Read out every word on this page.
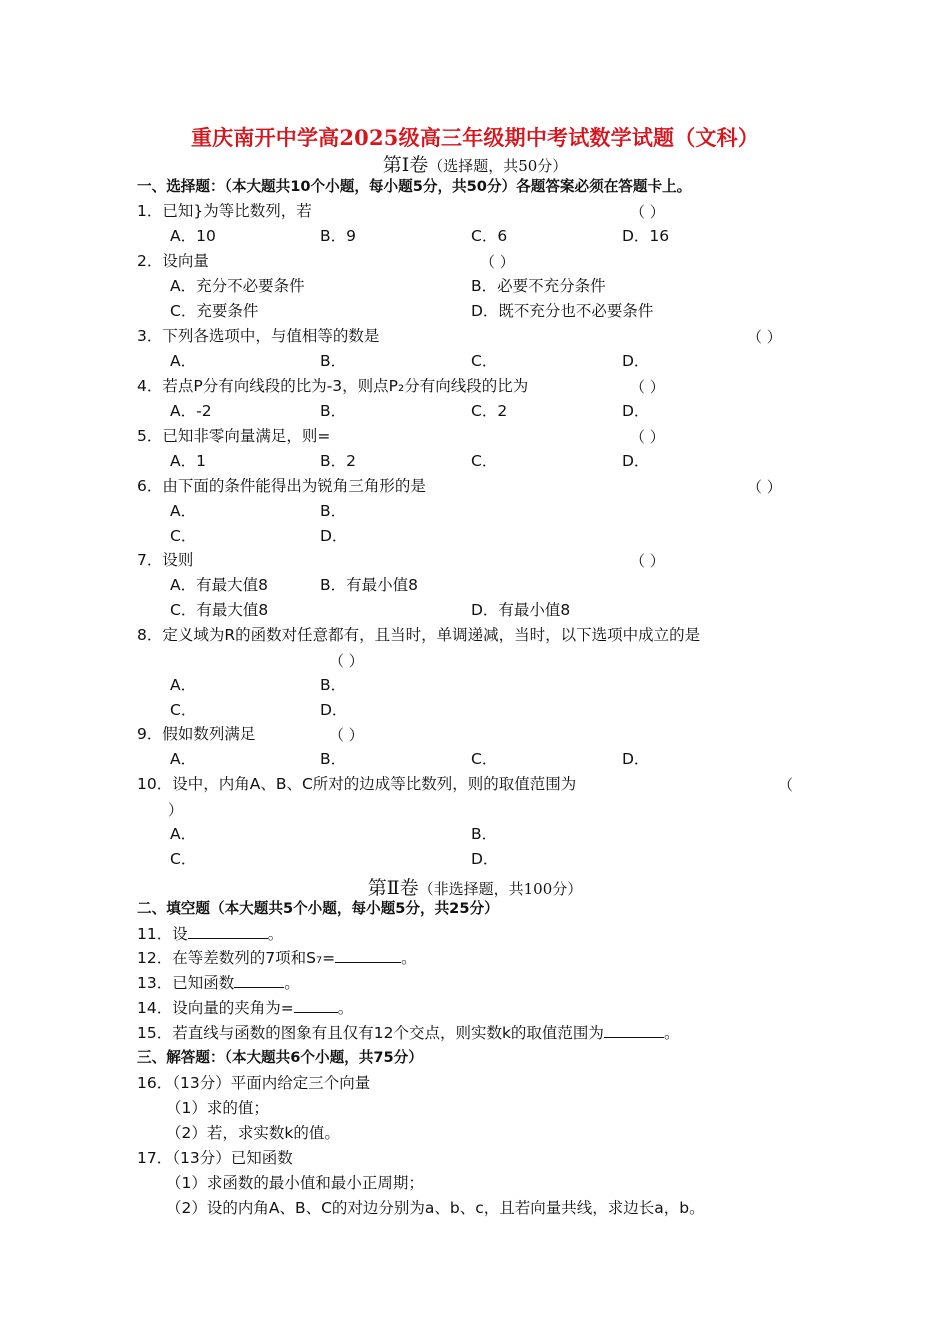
重庆南开中学高2025级高三年级期中考试数学试题（文科）
第Ⅰ卷（选择题，共50分）
一、选择题：（本大题共10个小题，每小题5分，共50分）各题答案必须在答题卡上。
1．已知}为等比数列，若	（ ）
A．10	B．9	C．6	D．16
2．设向量	（ ）
A．充分不必要条件	B．必要不充分条件
C．充要条件	D．既不充分也不必要条件
3．下列各选项中，与值相等的数是	（ ）
A．	B．	C．	D．
4．若点P分有向线段的比为-3，则点P₂分有向线段的比为	（ ）
A．-2	B．	C．2	D．
5．已知非零向量满足，则=	（ ）
A．1	B．2	C．	D．
6．由下面的条件能得出为锐角三角形的是	（ ）
A．	B．
C．	D．
7．设则	（ ）
A．有最大值8	B．有最小值8
C．有最大值8	D．有最小值8
8．定义域为R的函数对任意都有，且当时，单调递减，当时，以下选项中成立的是
（ ）
A．	B．
C．	D．
9．假如数列满足	（ ）
A．	B．	C．	D．
10．设中，内角A、B、C所对的边成等比数列，则的取值范围为	（
）
A．	B．
C．	D．
第Ⅱ卷（非选择题，共100分）
二、填空题（本大题共5个小题，每小题5分，共25分）
11．设	。
12．在等差数列的7项和S₇=	。
13．已知函数	。
14．设向量的夹角为=	。
15．若直线与函数的图象有且仅有12个交点，则实数k的取值范围为	。
三、解答题：（本大题共6个小题，共75分）
16．（13分）平面内给定三个向量
（1）求的值；
（2）若，求实数k的值。
17．（13分）已知函数
（1）求函数的最小值和最小正周期；
（2）设的内角A、B、C的对边分别为a、b、c，且若向量共线，求边长a，b。
